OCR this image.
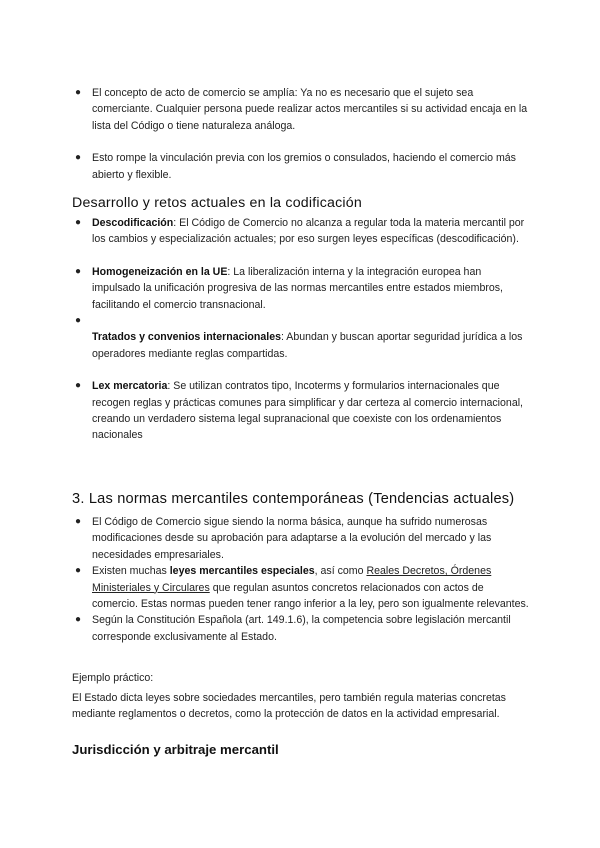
● El concepto de acto de comercio se amplía: Ya no es necesario que el sujeto sea comerciante. Cualquier persona puede realizar actos mercantiles si su actividad encaja en la lista del Código o tiene naturaleza análoga.
● Esto rompe la vinculación previa con los gremios o consulados, haciendo el comercio más abierto y flexible.
Desarrollo y retos actuales en la codificación
● Descodificación: El Código de Comercio no alcanza a regular toda la materia mercantil por los cambios y especialización actuales; por eso surgen leyes específicas (descodificación).
● Homogeneización en la UE: La liberalización interna y la integración europea han impulsado la unificación progresiva de las normas mercantiles entre estados miembros, facilitando el comercio transnacional.
●

Tratados y convenios internacionales: Abundan y buscan aportar seguridad jurídica a los operadores mediante reglas compartidas.
● Lex mercatoria: Se utilizan contratos tipo, Incoterms y formularios internacionales que recogen reglas y prácticas comunes para simplificar y dar certeza al comercio internacional, creando un verdadero sistema legal supranacional que coexiste con los ordenamientos nacionales
3. Las normas mercantiles contemporáneas (Tendencias actuales)
● El Código de Comercio sigue siendo la norma básica, aunque ha sufrido numerosas modificaciones desde su aprobación para adaptarse a la evolución del mercado y las necesidades empresariales.
● Existen muchas leyes mercantiles especiales, así como Reales Decretos, Órdenes Ministeriales y Circulares que regulan asuntos concretos relacionados con actos de comercio. Estas normas pueden tener rango inferior a la ley, pero son igualmente relevantes.
● Según la Constitución Española (art. 149.1.6), la competencia sobre legislación mercantil corresponde exclusivamente al Estado.

Ejemplo práctico:

El Estado dicta leyes sobre sociedades mercantiles, pero también regula materias concretas mediante reglamentos o decretos, como la protección de datos en la actividad empresarial.

Jurisdicción y arbitraje mercantil
